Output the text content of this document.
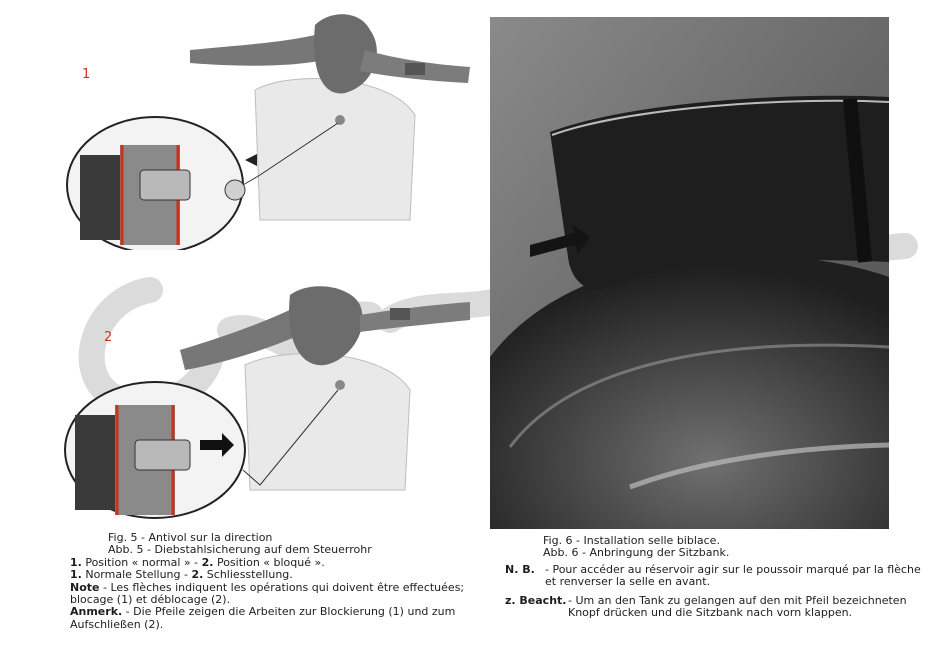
1
2
Fig. 5 - Antivol sur la direction
Abb. 5 - Diebstahlsicherung auf dem Steuerrohr
1. Position « normal » - 2. Position « bloqué ».
1. Normale Stellung - 2. Schliesstellung.
Note - Les flèches indiquent les opérations qui doivent être effectuées; blocage (1) et déblocage (2).
Anmerk. - Die Pfeile zeigen die Arbeiten zur Blockierung (1) und zum Aufschließen (2).
Fig. 6 - Installation selle biblace.
Abb. 6 - Anbringung der Sitzbank.
N. B. - Pour accéder au réservoir agir sur le poussoir marqué par la flèche et renverser la selle en avant.
z. Beacht. - Um an den Tank zu gelangen auf den mit Pfeil bezeichneten Knopf drücken und die Sitzbank nach vorn klappen.
